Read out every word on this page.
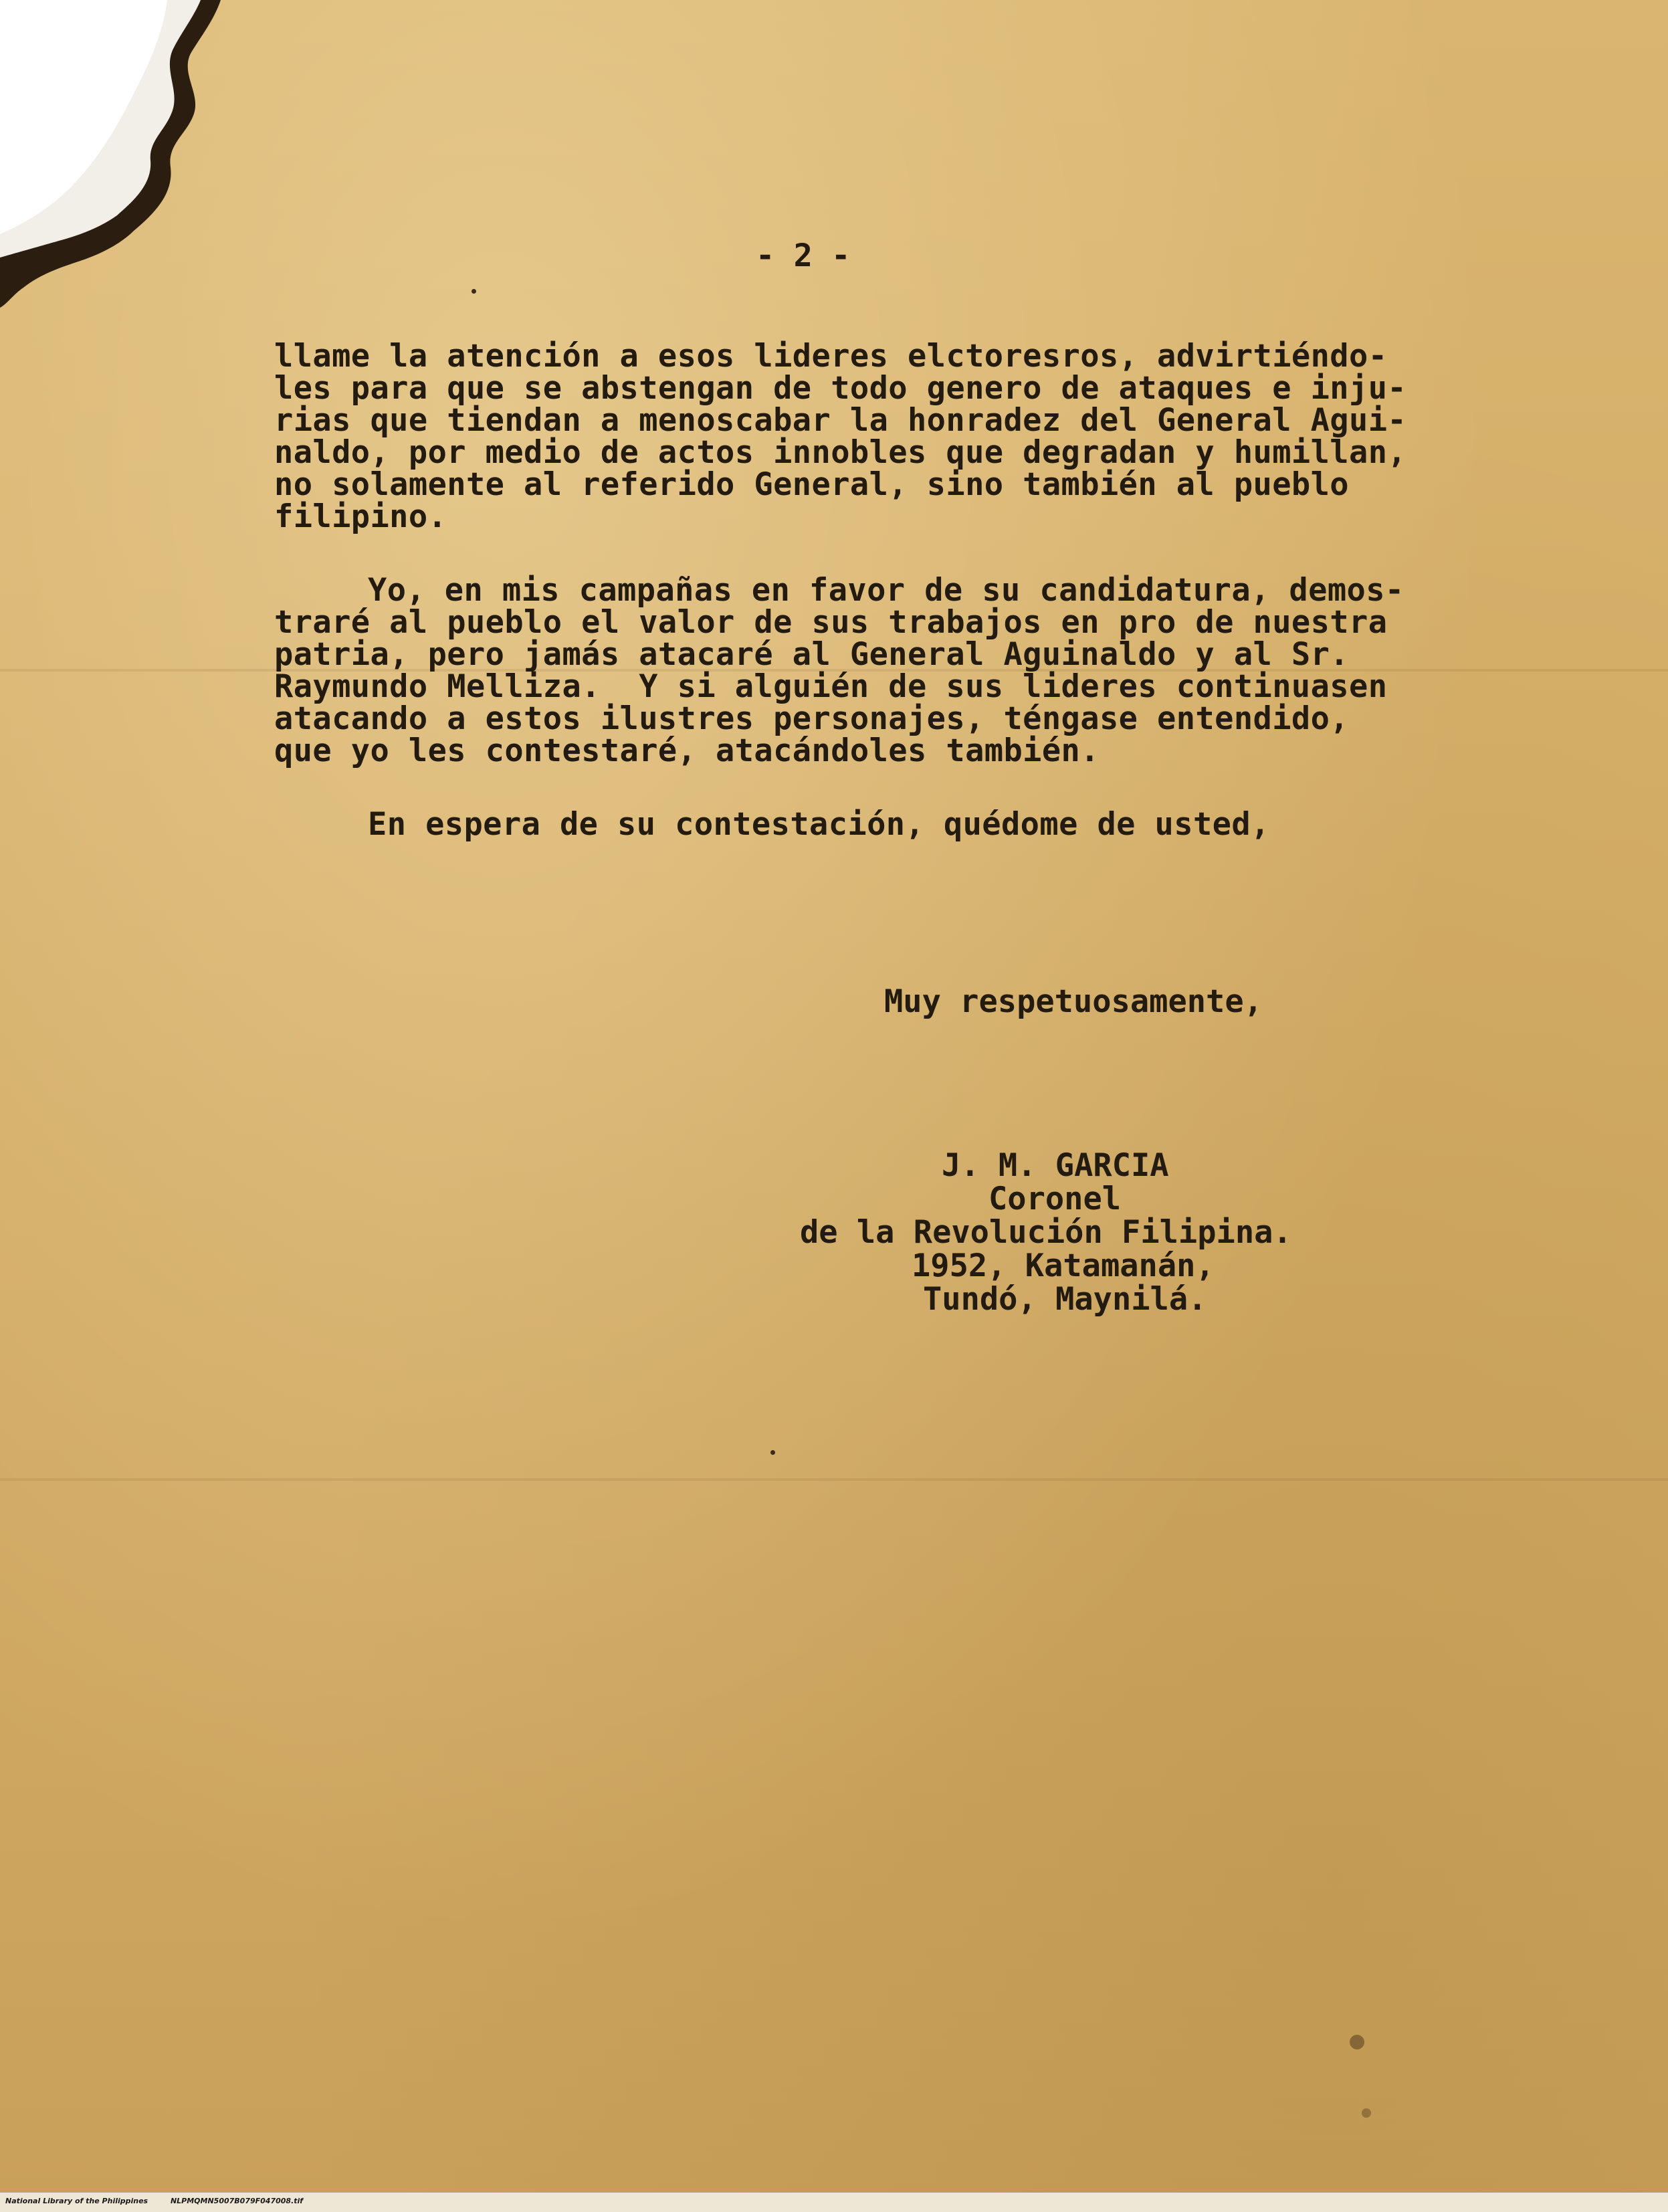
- 2 -
llame la atención a esos lideres elctoresros, advirtiéndo-
les para que se abstengan de todo genero de ataques e inju-
rias que tiendan a menoscabar la honradez del General Agui-
naldo, por medio de actos innobles que degradan y humillan,
no solamente al referido General, sino también al pueblo
filipino.
Yo, en mis campañas en favor de su candidatura, demos-
traré al pueblo el valor de sus trabajos en pro de nuestra
patria, pero jamás atacaré al General Aguinaldo y al Sr.
Raymundo Melliza.  Y si alguién de sus lideres continuasen
atacando a estos ilustres personajes, téngase entendido,
que yo les contestaré, atacándoles también.
En espera de su contestación, quédome de usted,
Muy respetuosamente,
J. M. GARCIA
Coronel
de la Revolución Filipina.
1952, Katamanán,
Tundó, Maynilá.
National Library of the Philippines	NLPMQMN5007B079F047008.tif
